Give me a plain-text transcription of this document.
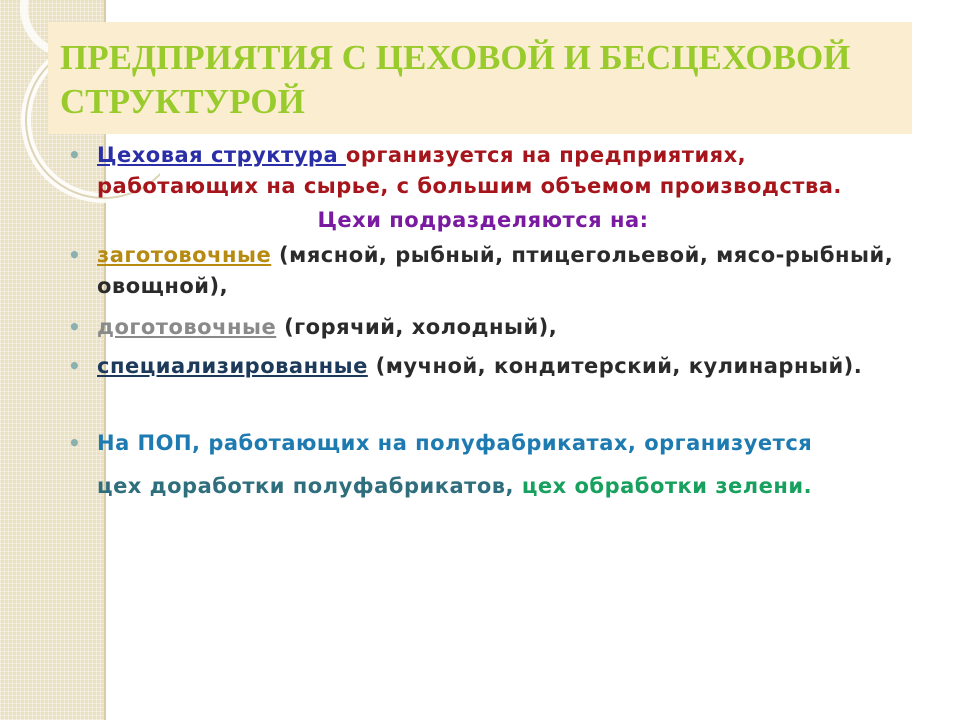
ПРЕДПРИЯТИЯ С ЦЕХОВОЙ И БЕСЦЕХОВОЙ СТРУКТУРОЙ

• Цеховая структура организуется на предприятиях, работающих на сырье, с большим объемом производства.

Цехи подразделяются на:

• заготовочные (мясной, рыбный, птицегольевой, мясо-рыбный, овощной),

• доготовочные (горячий, холодный),

• специализированные (мучной, кондитерский, кулинарный).

• На ПОП, работающих на полуфабрикатах, организуется

цех доработки полуфабрикатов, цех обработки зелени.
